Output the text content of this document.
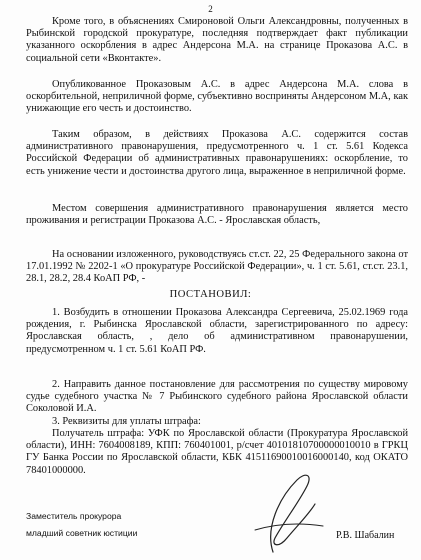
2
Кроме того, в объяснениях Смироновой Ольги Александровны, полученных в Рыбинской городской прокуратуре, последняя подтверждает факт публикации указанного оскорбления в адрес Андерсона М.А. на странице Проказова А.С. в социальной сети «Вконтакте».
Опубликованное Проказовым А.С. в адрес Андерсона М.А. слова в оскорбительной, неприличной форме, субъективно восприняты Андерсоном М.А, как унижающие его честь и достоинство.
Таким образом, в действиях Проказова А.С. содержится состав административного правонарушения, предусмотренного ч. 1 ст. 5.61 Кодекса Российской Федерации об административных правонарушениях: оскорбление, то есть унижение чести и достоинства другого лица, выраженное в неприличной форме.
Местом совершения административного правонарушения является место проживания и регистрации Проказова А.С. - Ярославская область,
На основании изложенного, руководствуясь ст.ст. 22, 25 Федерального закона от 17.01.1992 № 2202-1 «О прокуратуре Российской Федерации», ч. 1 ст. 5.61, ст.ст. 23.1, 28.1, 28.2, 28.4 КоАП РФ, -
ПОСТАНОВИЛ:
1. Возбудить в отношении Проказова Александра Сергеевича, 25.02.1969 года рождения, г. Рыбинска Ярославской области, зарегистрированного по адресу: Ярославская область, , дело об административном правонарушении, предусмотренном ч. 1 ст. 5.61 КоАП РФ.
2. Направить данное постановление для рассмотрения по существу мировому судье судебного участка № 7 Рыбинского судебного района Ярославской области Соколовой И.А.
3. Реквизиты для уплаты штрафа:
Получатель штрафа: УФК по Ярославской области (Прокуратура Ярославской области), ИНН: 7604008189, КПП: 760401001, р/счет 40101810700000010010 в ГРКЦ ГУ Банка России по Ярославской области, КБК 41511690010016000140, код ОКАТО 78401000000.
Заместитель прокурора
младший советник юстиции	Р.В. Шабалин
